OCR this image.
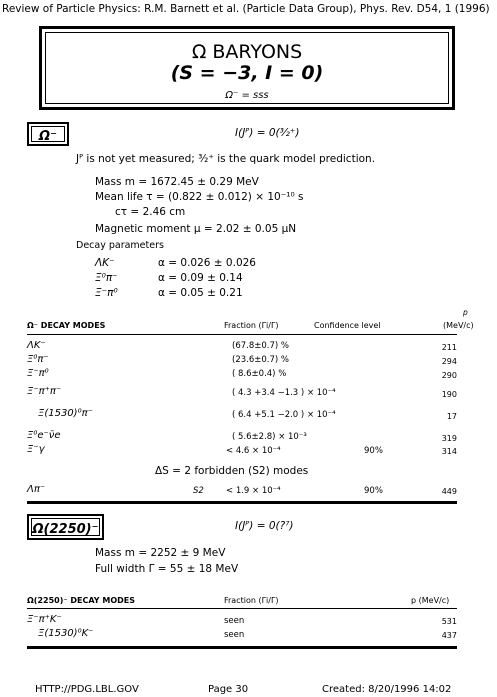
Review of Particle Physics: R.M. Barnett et al. (Particle Data Group), Phys. Rev. D54, 1 (1996)
Ω BARYONS
(S = −3, I = 0)
Ω⁻ = sss
Ω⁻	I(Jᴾ) = 0(³⁄₂⁺)
Jᴾ is not yet measured; ³⁄₂⁺ is the quark model prediction.
Mass m = 1672.45 ± 0.29 MeV
Mean life τ = (0.822 ± 0.012) × 10⁻¹⁰ s
cτ = 2.46 cm
Magnetic moment μ = 2.02 ± 0.05 μN
Decay parameters
ΛK⁻	α = 0.026 ± 0.026
Ξ⁰π⁻	α = 0.09 ± 0.14
Ξ⁻π⁰	α = 0.05 ± 0.21
p
Ω⁻ DECAY MODES	Fraction (Γi/Γ)	Confidence level	(MeV/c)
ΛK⁻	(67.8±0.7) %	211
Ξ⁰π⁻	(23.6±0.7) %	294
Ξ⁻π⁰	( 8.6±0.4) %	290
Ξ⁻π⁺π⁻	( 4.3 +3.4 −1.3 ) × 10⁻⁴	190
Ξ(1530)⁰π⁻	( 6.4 +5.1 −2.0 ) × 10⁻⁴	17
Ξ⁰e⁻ν̄e	( 5.6±2.8) × 10⁻³	319
Ξ⁻γ	< 4.6 × 10⁻⁴	90%	314
ΔS = 2 forbidden (S2) modes
Λπ⁻	S2	< 1.9 × 10⁻⁴	90%	449
Ω(2250)⁻	I(Jᴾ) = 0(?⁷)
Mass m = 2252 ± 9 MeV
Full width Γ = 55 ± 18 MeV
Ω(2250)⁻ DECAY MODES	Fraction (Γi/Γ)	p (MeV/c)
Ξ⁻π⁺K⁻	seen	531
Ξ(1530)⁰K⁻	seen	437
HTTP://PDG.LBL.GOV	Page 30	Created: 8/20/1996 14:02
